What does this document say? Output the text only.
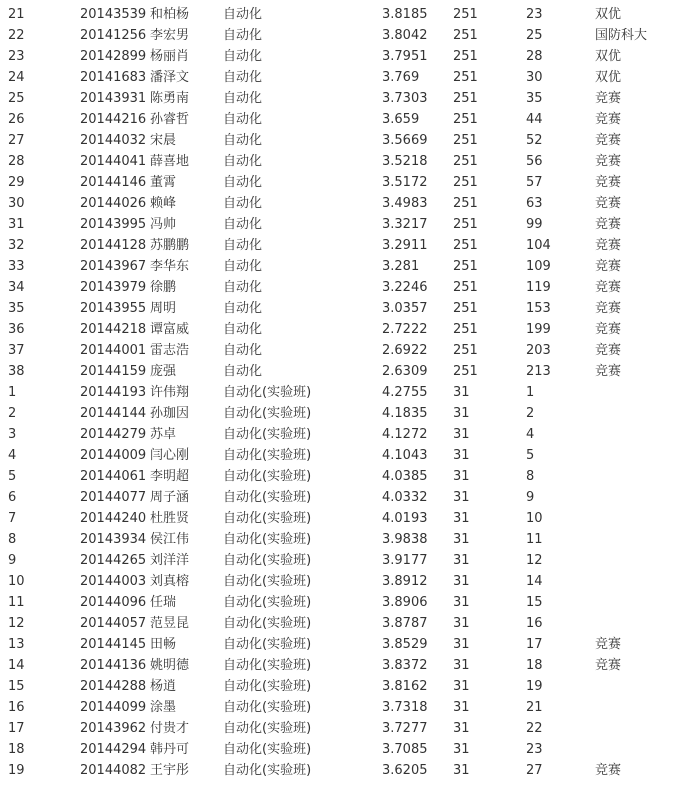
21	20143539	和柏杨	自动化	3.8185	251	23	双优
22	20141256	李宏男	自动化	3.8042	251	25	国防科大
23	20142899	杨丽肖	自动化	3.7951	251	28	双优
24	20141683	潘泽文	自动化	3.769	251	30	双优
25	20143931	陈勇南	自动化	3.7303	251	35	竞赛
26	20144216	孙睿哲	自动化	3.659	251	44	竞赛
27	20144032	宋晨	自动化	3.5669	251	52	竞赛
28	20144041	薛喜地	自动化	3.5218	251	56	竞赛
29	20144146	董霄	自动化	3.5172	251	57	竞赛
30	20144026	赖峰	自动化	3.4983	251	63	竞赛
31	20143995	冯帅	自动化	3.3217	251	99	竞赛
32	20144128	苏鹏鹏	自动化	3.2911	251	104	竞赛
33	20143967	李华东	自动化	3.281	251	109	竞赛
34	20143979	徐鹏	自动化	3.2246	251	119	竞赛
35	20143955	周明	自动化	3.0357	251	153	竞赛
36	20144218	谭富威	自动化	2.7222	251	199	竞赛
37	20144001	雷志浩	自动化	2.6922	251	203	竞赛
38	20144159	庞强	自动化	2.6309	251	213	竞赛
1	20144193	许伟翔	自动化(实验班)	4.2755	31	1	
2	20144144	孙珈因	自动化(实验班)	4.1835	31	2	
3	20144279	苏卓	自动化(实验班)	4.1272	31	4	
4	20144009	闫心刚	自动化(实验班)	4.1043	31	5	
5	20144061	李明超	自动化(实验班)	4.0385	31	8	
6	20144077	周子涵	自动化(实验班)	4.0332	31	9	
7	20144240	杜胜贤	自动化(实验班)	4.0193	31	10	
8	20143934	侯江伟	自动化(实验班)	3.9838	31	11	
9	20144265	刘洋洋	自动化(实验班)	3.9177	31	12	
10	20144003	刘真榕	自动化(实验班)	3.8912	31	14	
11	20144096	任瑞	自动化(实验班)	3.8906	31	15	
12	20144057	范昱昆	自动化(实验班)	3.8787	31	16	
13	20144145	田畅	自动化(实验班)	3.8529	31	17	竞赛
14	20144136	姚明德	自动化(实验班)	3.8372	31	18	竞赛
15	20144288	杨逍	自动化(实验班)	3.8162	31	19	
16	20144099	涂墨	自动化(实验班)	3.7318	31	21	
17	20143962	付贵才	自动化(实验班)	3.7277	31	22	
18	20144294	韩丹可	自动化(实验班)	3.7085	31	23	
19	20144082	王宇彤	自动化(实验班)	3.6205	31	27	竞赛
